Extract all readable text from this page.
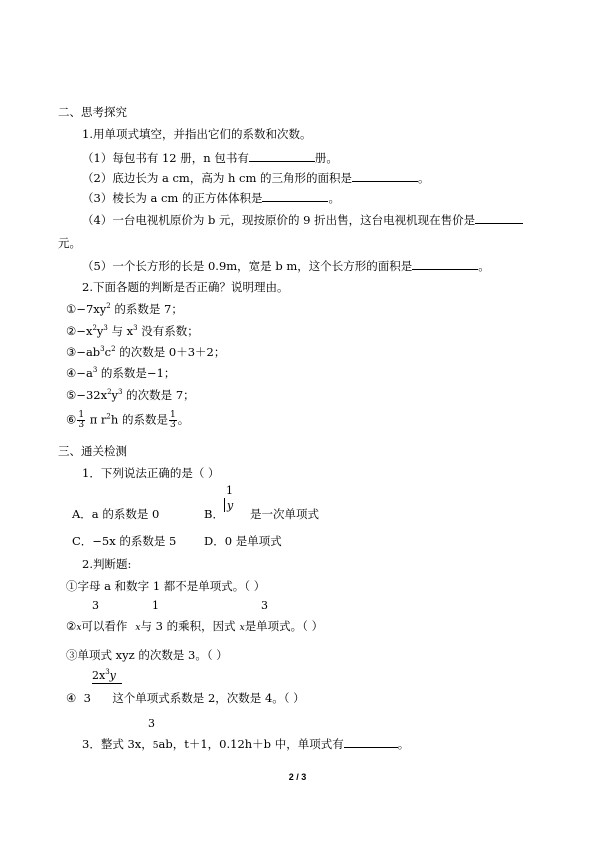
二、思考探究
1.用单项式填空，并指出它们的系数和次数。
（1）每包书有 12 册，n 包书有	册。
（2）底边长为 a cm，高为 h cm 的三角形的面积是	。
（3）棱长为 a cm 的正方体体积是	。
（4）一台电视机原价为 b 元，现按原价的 9 折出售，这台电视机现在售价是
元。
（5）一个长方形的长是 0.9m，宽是 b m，这个长方形的面积是	。
2.下面各题的判断是否正确？说明理由。
$①-7xy^2$ 的系数是 7；
$②-x^2y^3$ 与 $x^3$ 没有系数；
$③-ab^3c^2$ 的次数是 0＋3＋2；
$④-a^3$ 的系数是−1；
$⑤-32x^2y^3$ 的次数是 7；
⑥ $\frac{1}{3}$ π $r^2h$ 的系数是 $\frac{1}{3}$ 。
三、通关检测
1．下列说法正确的是（ ）
A．a 的系数是 0	B． 是一次单项式
1
y
C．−5x 的系数是 5 D．0 是单项式
2.判断题:
①字母 a 和数字 1 都不是单项式。（ ）
3	1	3
②x可以看作 x与 3 的乘积，因式 x是单项式。（ ）
③单项式 xyz 的次数是 3。（ ）
$2x^3y$
④ 3 这个单项式系数是 2，次数是 4。（ ）
3
3．整式 3x，5ab，t＋1，0.12h＋b 中，单项式有	。
2 / 3
